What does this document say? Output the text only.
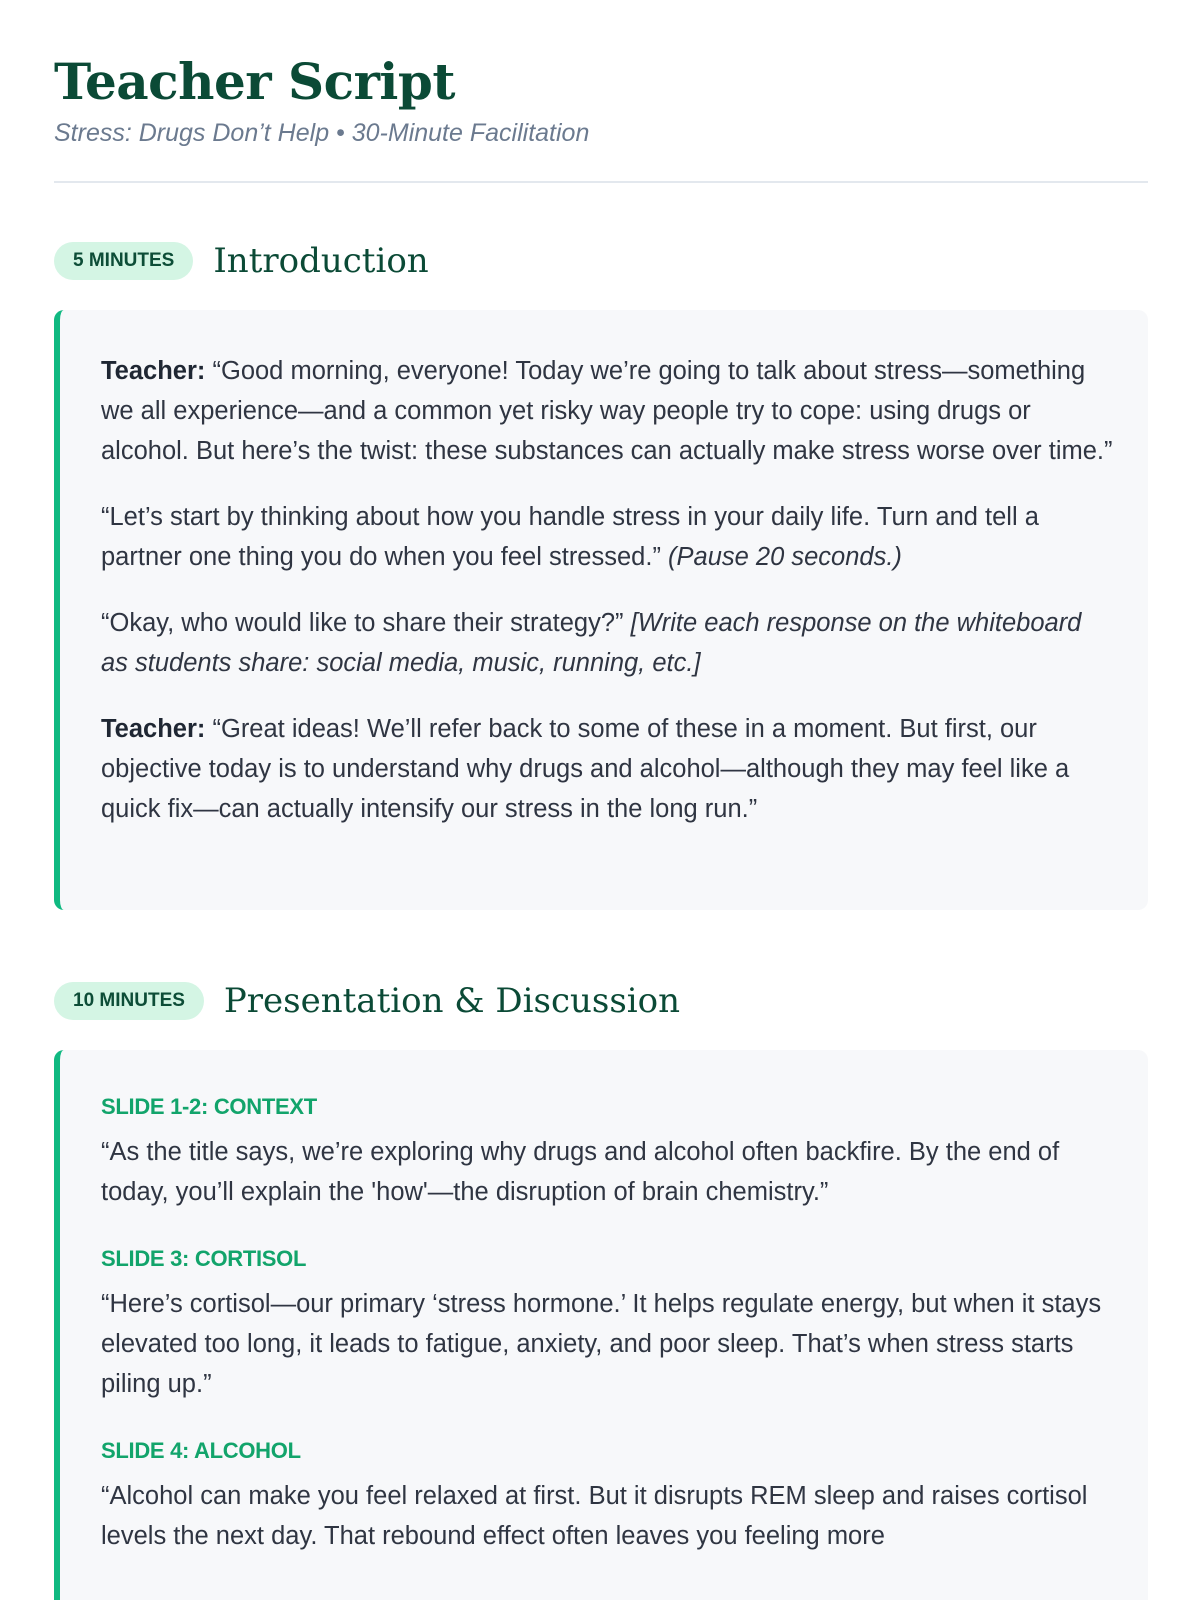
Teacher Script
Stress: Drugs Don’t Help • 30-Minute Facilitation
5 MINUTES	Introduction

Teacher: “Good morning, everyone! Today we’re going to talk about stress—something we all experience—and a common yet risky way people try to cope: using drugs or alcohol. But here’s the twist: these substances can actually make stress worse over time.”

“Let’s start by thinking about how you handle stress in your daily life. Turn and tell a partner one thing you do when you feel stressed.” (Pause 20 seconds.)

“Okay, who would like to share their strategy?” [Write each response on the whiteboard as students share: social media, music, running, etc.]

Teacher: “Great ideas! We’ll refer back to some of these in a moment. But first, our objective today is to understand why drugs and alcohol—although they may feel like a quick fix—can actually intensify our stress in the long run.”

10 MINUTES	Presentation & Discussion
SLIDE 1-2: CONTEXT

“As the title says, we’re exploring why drugs and alcohol often backfire. By the end of today, you’ll explain the 'how'—the disruption of brain chemistry.”

SLIDE 3: CORTISOL

“Here’s cortisol—our primary ‘stress hormone.’ It helps regulate energy, but when it stays elevated too long, it leads to fatigue, anxiety, and poor sleep. That’s when stress starts piling up.”

SLIDE 4: ALCOHOL

“Alcohol can make you feel relaxed at first. But it disrupts REM sleep and raises cortisol levels the next day. That rebound effect often leaves you feeling more
